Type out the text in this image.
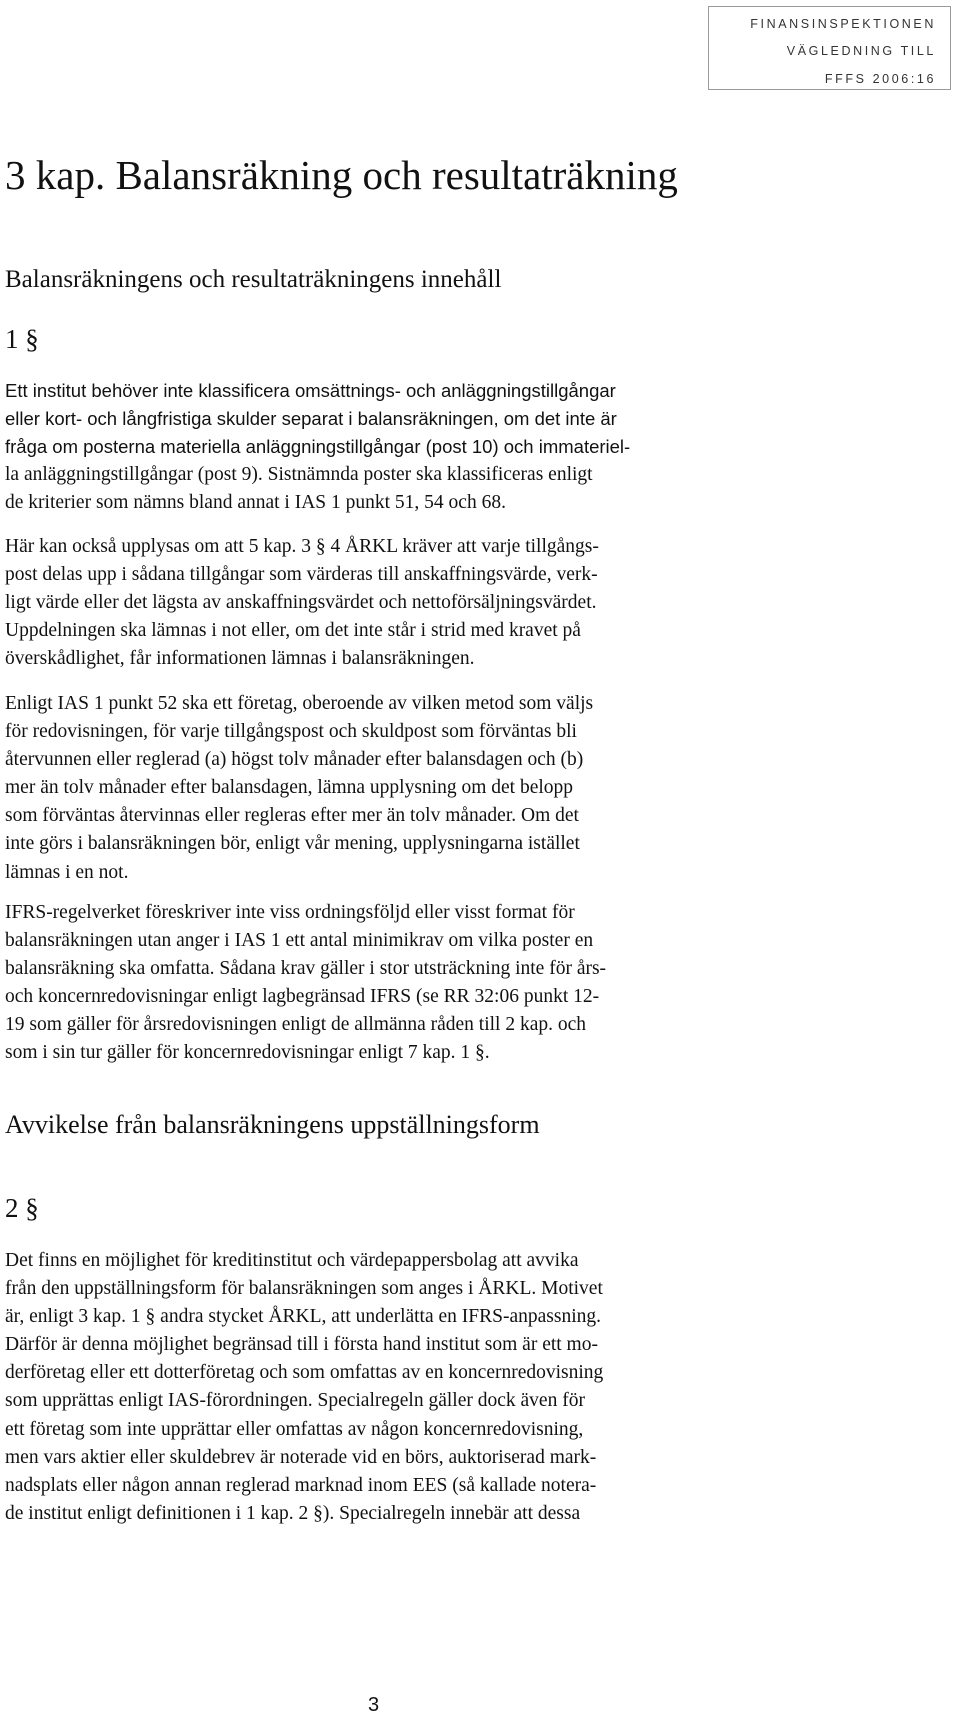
FINANSINSPEKTIONEN
VÄGLEDNING TILL
FFFS 2006:16
3 kap. Balansräkning och resultaträkning
Balansräkningens och resultaträkningens innehåll
1 §

Ett institut behöver inte klassificera omsättnings- och anläggningstillgångar

eller kort- och långfristiga skulder separat i balansräkningen, om det inte är

fråga om posterna materiella anläggningstillgångar (post 10) och immateriel-

la anläggningstillgångar (post 9). Sistnämnda poster ska klassificeras enligt

de kriterier som nämns bland annat i IAS 1 punkt 51, 54 och 68.

Här kan också upplysas om att 5 kap. 3 § 4 ÅRKL kräver att varje tillgångs-

post delas upp i sådana tillgångar som värderas till anskaffningsvärde, verk-

ligt värde eller det lägsta av anskaffningsvärdet och nettoförsäljningsvärdet.

Uppdelningen ska lämnas i not eller, om det inte står i strid med kravet på

överskådlighet, får informationen lämnas i balansräkningen.

Enligt IAS 1 punkt 52 ska ett företag, oberoende av vilken metod som väljs

för redovisningen, för varje tillgångspost och skuldpost som förväntas bli

återvunnen eller reglerad (a) högst tolv månader efter balansdagen och (b)

mer än tolv månader efter balansdagen, lämna upplysning om det belopp

som förväntas återvinnas eller regleras efter mer än tolv månader. Om det

inte görs i balansräkningen bör, enligt vår mening, upplysningarna istället

lämnas i en not.

IFRS-regelverket föreskriver inte viss ordningsföljd eller visst format för

balansräkningen utan anger i IAS 1 ett antal minimikrav om vilka poster en

balansräkning ska omfatta. Sådana krav gäller i stor utsträckning inte för års-

och koncernredovisningar enligt lagbegränsad IFRS (se RR 32:06 punkt 12-

19 som gäller för årsredovisningen enligt de allmänna råden till 2 kap. och

som i sin tur gäller för koncernredovisningar enligt 7 kap. 1 §.

Avvikelse från balansräkningens uppställningsform
2 §

Det finns en möjlighet för kreditinstitut och värdepappersbolag att avvika

från den uppställningsform för balansräkningen som anges i ÅRKL. Motivet

är, enligt 3 kap. 1 § andra stycket ÅRKL, att underlätta en IFRS-anpassning.

Därför är denna möjlighet begränsad till i första hand institut som är ett mo-

derföretag eller ett dotterföretag och som omfattas av en koncernredovisning

som upprättas enligt IAS-förordningen. Specialregeln gäller dock även för

ett företag som inte upprättar eller omfattas av någon koncernredovisning,

men vars aktier eller skuldebrev är noterade vid en börs, auktoriserad mark-

nadsplats eller någon annan reglerad marknad inom EES (så kallade notera-

de institut enligt definitionen i 1 kap. 2 §). Specialregeln innebär att dessa

3
